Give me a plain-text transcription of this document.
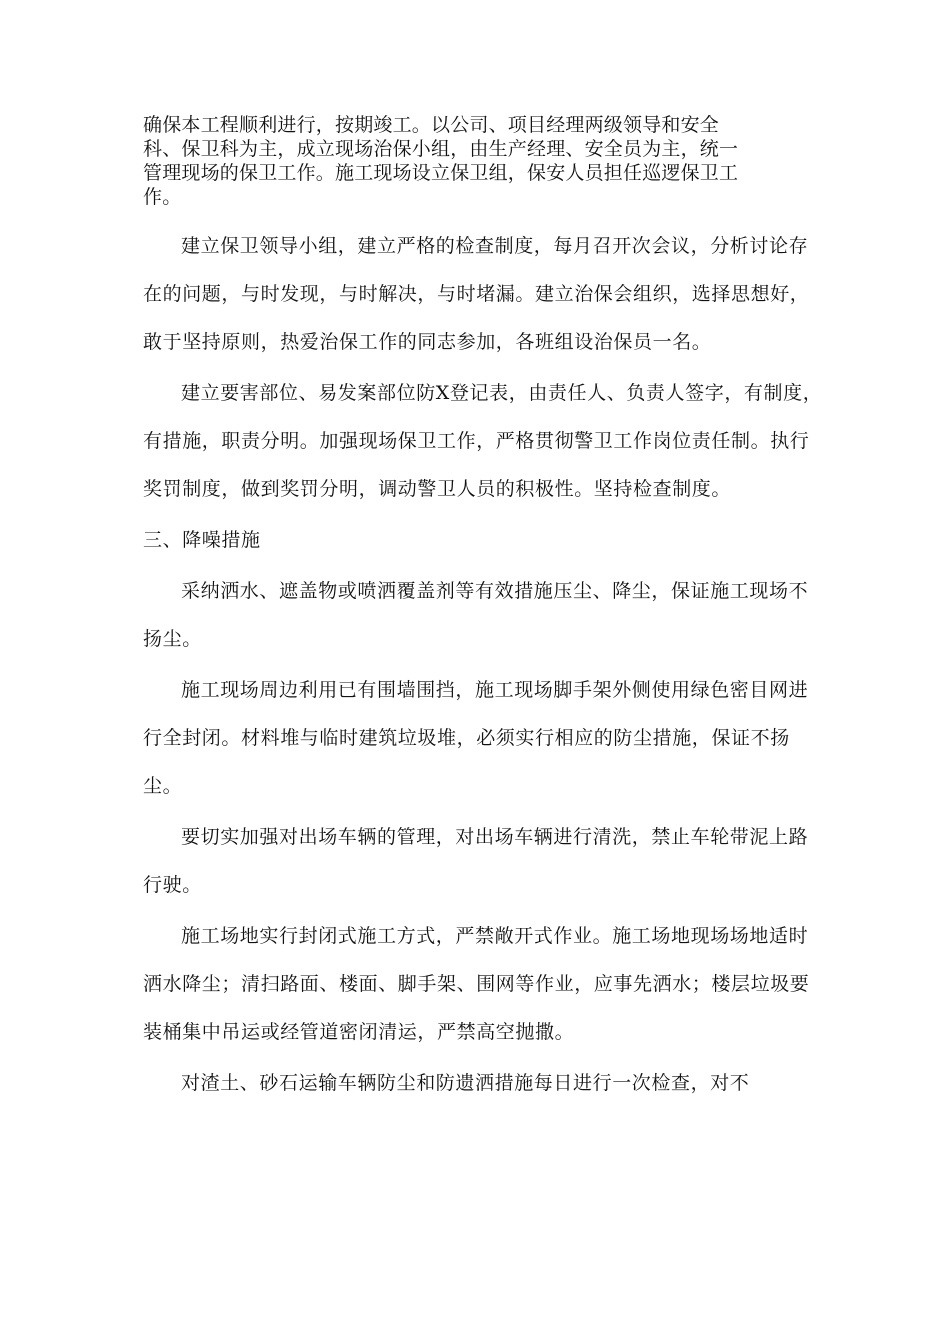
确保本工程顺利进行，按期竣工。以公司、项目经理两级领导和安全
科、保卫科为主，成立现场治保小组，由生产经理、安全员为主，统一
管理现场的保卫工作。施工现场设立保卫组，保安人员担任巡逻保卫工
作。

建立保卫领导小组，建立严格的检查制度，每月召开次会议，分析讨论存在的问题，与时发现，与时解决，与时堵漏。建立治保会组织，选择思想好，敢于坚持原则，热爱治保工作的同志参加，各班组设治保员一名。

建立要害部位、易发案部位防X登记表，由责任人、负责人签字，有制度，有措施，职责分明。加强现场保卫工作，严格贯彻警卫工作岗位责任制。执行奖罚制度，做到奖罚分明，调动警卫人员的积极性。坚持检查制度。

三、降噪措施

采纳洒水、遮盖物或喷洒覆盖剂等有效措施压尘、降尘，保证施工现场不扬尘。

施工现场周边利用已有围墙围挡，施工现场脚手架外侧使用绿色密目网进行全封闭。材料堆与临时建筑垃圾堆，必须实行相应的防尘措施，保证不扬尘。

要切实加强对出场车辆的管理，对出场车辆进行清洗，禁止车轮带泥上路行驶。

施工场地实行封闭式施工方式，严禁敞开式作业。施工场地现场场地适时洒水降尘；清扫路面、楼面、脚手架、围网等作业，应事先洒水；楼层垃圾要装桶集中吊运或经管道密闭清运，严禁高空抛撒。

对渣土、砂石运输车辆防尘和防遗洒措施每日进行一次检查，对不
